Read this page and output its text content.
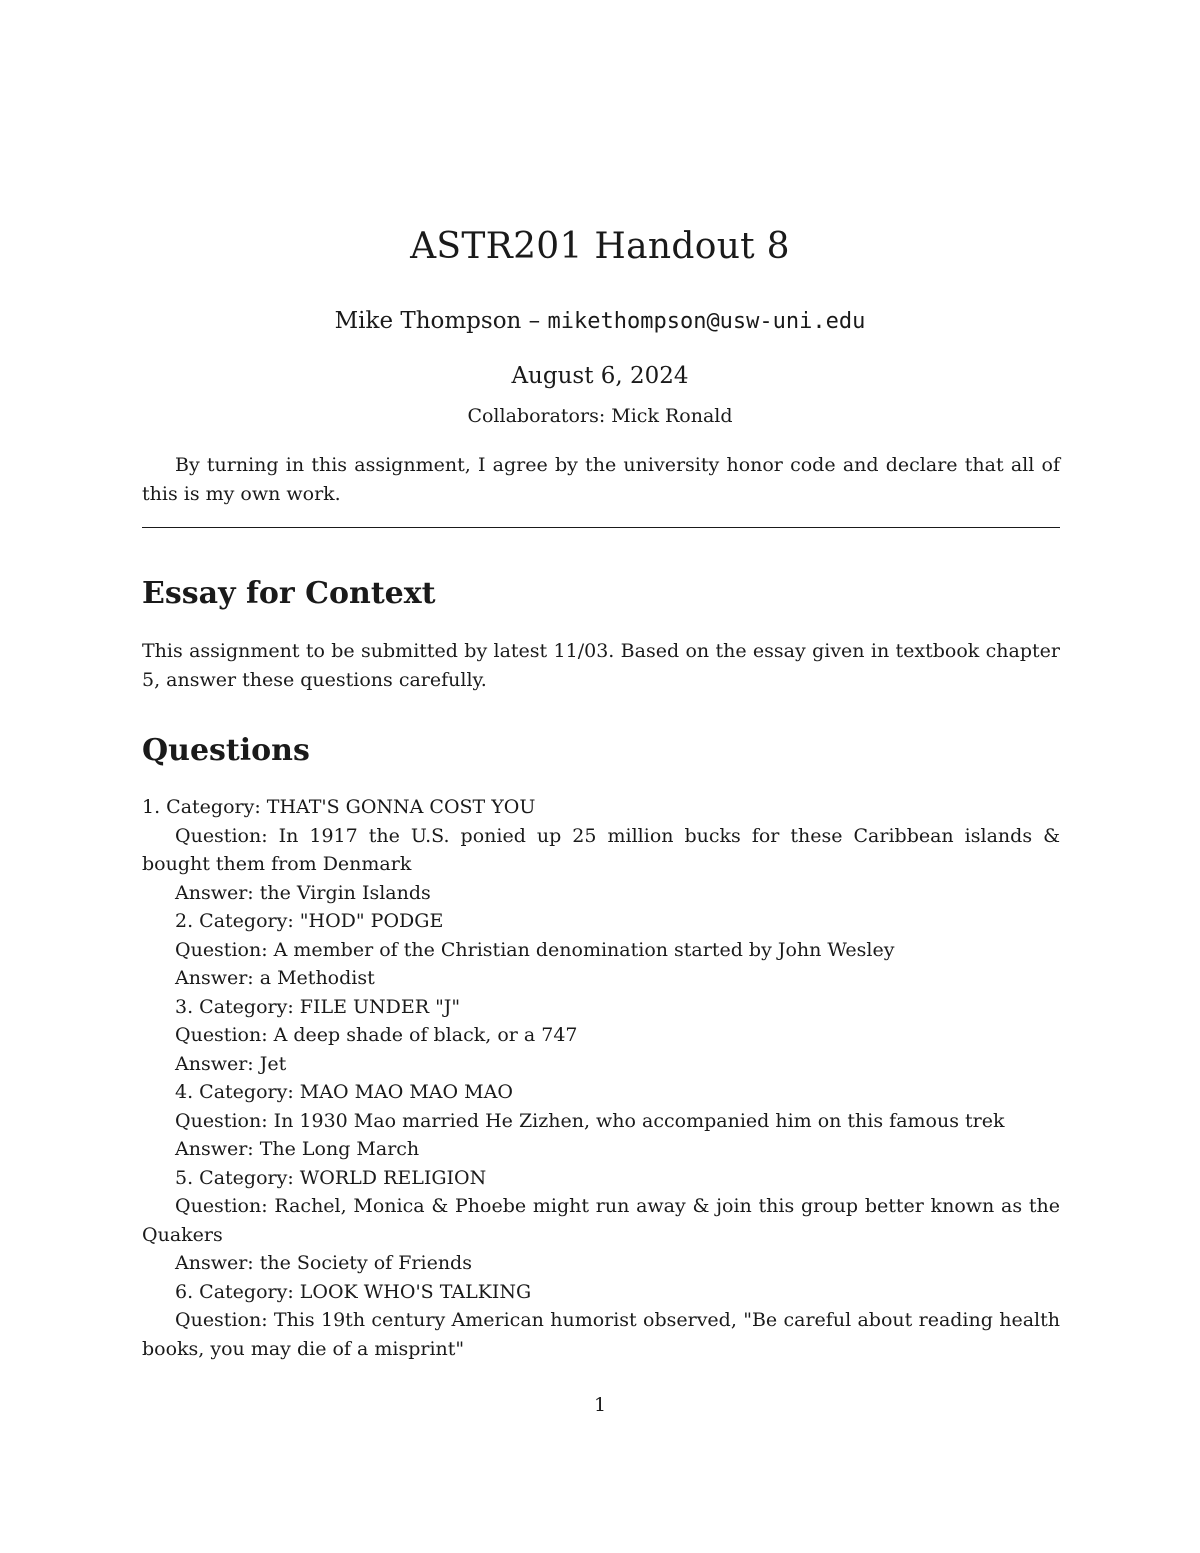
ASTR201 Handout 8
Mike Thompson – mikethompson@usw-uni.edu
August 6, 2024
Collaborators: Mick Ronald
By turning in this assignment, I agree by the university honor code and declare that all of this is my own work.
Essay for Context
This assignment to be submitted by latest 11/03. Based on the essay given in textbook chapter 5, answer these questions carefully.
Questions
1. Category: THAT'S GONNA COST YOU
Question: In 1917 the U.S. ponied up 25 million bucks for these Caribbean islands & bought them from Denmark
Answer: the Virgin Islands
2. Category: "HOD" PODGE
Question: A member of the Christian denomination started by John Wesley
Answer: a Methodist
3. Category: FILE UNDER "J"
Question: A deep shade of black, or a 747
Answer: Jet
4. Category: MAO MAO MAO MAO
Question: In 1930 Mao married He Zizhen, who accompanied him on this famous trek
Answer: The Long March
5. Category: WORLD RELIGION
Question: Rachel, Monica & Phoebe might run away & join this group better known as the Quakers
Answer: the Society of Friends
6. Category: LOOK WHO'S TALKING
Question: This 19th century American humorist observed, "Be careful about reading health books, you may die of a misprint"
1
